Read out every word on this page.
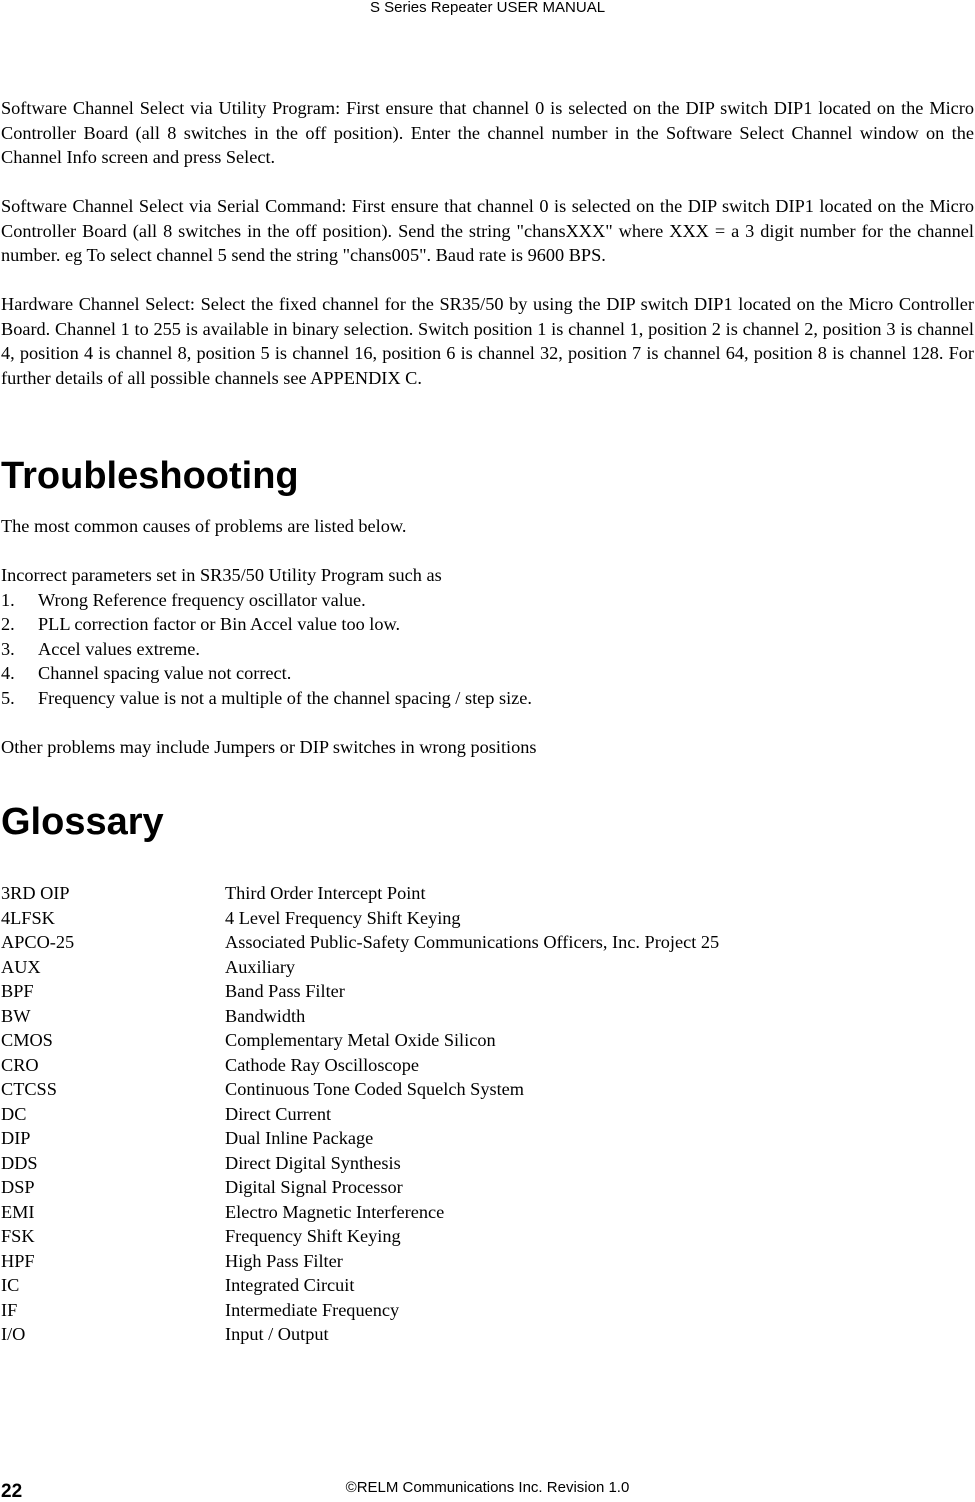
S Series Repeater USER MANUAL

Software Channel Select via Utility Program: First ensure that channel 0 is selected on the DIP switch DIP1 located on the Micro Controller Board (all 8 switches in the off position). Enter the channel number in the Software Select Channel window on the Channel Info screen and press Select.

Software Channel Select via Serial Command: First ensure that channel 0 is selected on the DIP switch DIP1 located on the Micro Controller Board (all 8 switches in the off position). Send the string "chansXXX" where XXX = a 3 digit number for the channel number. eg To select channel 5 send the string "chans005". Baud rate is 9600 BPS.

Hardware Channel Select: Select the fixed channel for the SR35/50 by using the DIP switch DIP1 located on the Micro Controller Board. Channel 1 to 255 is available in binary selection. Switch position 1 is channel 1, position 2 is channel 2, position 3 is channel 4, position 4 is channel 8, position 5 is channel 16, position 6 is channel 32, position 7 is channel 64, position 8 is channel 128. For further details of all possible channels see APPENDIX C.

Troubleshooting

The most common causes of problems are listed below.

Incorrect parameters set in SR35/50 Utility Program such as

1.	Wrong Reference frequency oscillator value.
2.	PLL correction factor or Bin Accel value too low.
3.	Accel values extreme.
4.	Channel spacing value not correct.
5.	Frequency value is not a multiple of the channel spacing / step size.

Other problems may include Jumpers or DIP switches in wrong positions

Glossary
3RD OIP	Third Order Intercept Point
4LFSK	4 Level Frequency Shift Keying
APCO-25	Associated Public-Safety Communications Officers, Inc. Project 25
AUX	Auxiliary
BPF	Band Pass Filter
BW	Bandwidth
CMOS	Complementary Metal Oxide Silicon
CRO	Cathode Ray Oscilloscope
CTCSS	Continuous Tone Coded Squelch System
DC	Direct Current
DIP	Dual Inline Package
DDS	Direct Digital Synthesis
DSP	Digital Signal Processor
EMI	Electro Magnetic Interference
FSK	Frequency Shift Keying
HPF	High Pass Filter
IC	Integrated Circuit
IF	Intermediate Frequency
I/O	Input / Output
22	©RELM Communications Inc. Revision 1.0
